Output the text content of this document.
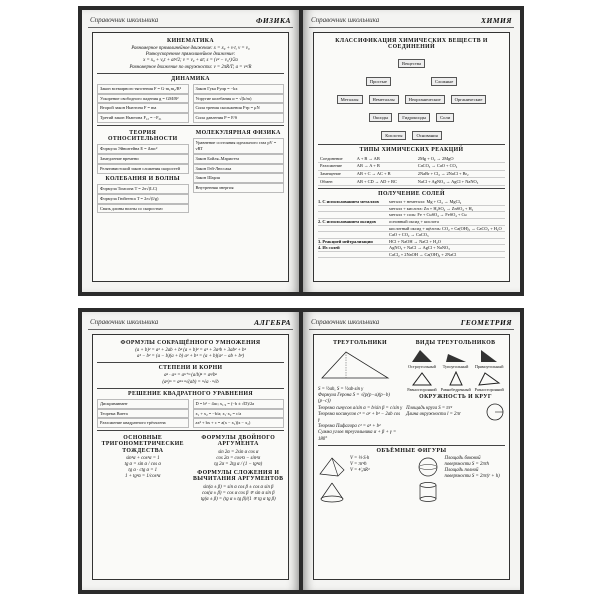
Справочник школьника	ФИЗИКА
КИНЕМАТИКА
Равномерное прямолинейное движение: x = x₀ + v·t, v = v₀
Равноускоренное прямолинейное движение:
x = x₀ + v₀t + at²/2; v = v₀ + at; s = (v² − v₀²)/2a
Равномерное движение по окружности: v = 2πR/T; a = v²/R
ДИНАМИКА
Закон всемирного тяготения F = G·m₁m₂/R²
Ускорение свободного падения g = GM/R²
Второй закон Ньютона F = ma
Третий закон Ньютона F₁₂ = −F₂₁
Закон Гука Fупр = −kx
Упругие колебания α = √(k/m)
Сила трения скольжения Fтр = μN
Сила давления P = F/S
ТЕОРИЯ ОТНОСИТЕЛЬНОСТИ
Формула Эйнштейна E = Δmc²
Замедление времени
Релятивистский закон сложения скоростей
КОЛЕБАНИЯ И ВОЛНЫ
Формула Томсона T = 2π√(LC)
Формула Гюйгенса T = 2π√(l/g)
Связь длины волны со скоростью
МОЛЕКУЛЯРНАЯ ФИЗИКА
Уравнение состояния идеального газа pV = νRT
Закон Бойля–Мариотта
Закон Гей-Люссака
Закон Шарля
Внутренняя энергия
Справочник школьника	ХИМИЯ
КЛАССИФИКАЦИЯ ХИМИЧЕСКИХ ВЕЩЕСТВ И СОЕДИНЕНИЙ
Вещества
Простые	Сложные
Металлы	Неметаллы	Неорганические	Органические
Оксиды	Гидроксиды	Соли
Кислоты	Основания
ТИПЫ ХИМИЧЕСКИХ РЕАКЦИЙ
Соединение	A + B → AB	2Mg + O₂ → 2MgO
Разложение	AB → A + B	CaCO₃ → CaO + CO₂
Замещение	AB + C → AC + B	2NaBr + Cl₂ → 2NaCl + Br₂
Обмен	AB + CD → AD + BC	NaCl + AgNO₃ → AgCl + NaNO₃
ПОЛУЧЕНИЕ СОЛЕЙ
1. С использованием металлов	металл + неметалл: Mg + Cl₂ → MgCl₂
металл + кислота: Zn + H₂SO₄ → ZnSO₄ + H₂
металл + соль: Fe + CuSO₄ → FeSO₄ + Cu
2. С использованием оксидов	основный оксид + кислота
кислотный оксид + щёлочь: CO₂ + Ca(OH)₂ → CaCO₃ + H₂O
CaO + CO₂ → CaCO₃
3. Реакцией нейтрализации	HCl + NaOH → NaCl + H₂O
4. Из солей	AgNO₃ + NaCl → AgCl + NaNO₃
CaCl₂ + 2NaOH → Ca(OH)₂ + 2NaCl
Справочник школьника	АЛГЕБРА
ФОРМУЛЫ СОКРАЩЁННОГО УМНОЖЕНИЯ
(a + b)² = a² + 2ab + b² (a + b)³ = a³ + 3a²b + 3ab² + b³
a² − b² = (a − b)(a + b) a³ + b³ = (a + b)(a² − ab + b²)
СТЕПЕНИ И КОРНИ
aⁿ · aᵐ = aⁿ⁺ᵐ (a/b)ⁿ = aⁿ/bⁿ
(aⁿ)ᵐ = aⁿᵐ ⁿ√(ab) = ⁿ√a · ⁿ√b
РЕШЕНИЕ КВАДРАТНОГО УРАВНЕНИЯ
Дискриминант	D = b² − 4ac; x₁,₂ = (−b ± √D)/2a
Теорема Виета	x₁ + x₂ = −b/a; x₁·x₂ = c/a
Разложение квадратного трёхчлена	ax² + bx + c = a(x − x₁)(x − x₂)
ОСНОВНЫЕ ТРИГОНОМЕТРИЧЕСКИЕ ТОЖДЕСТВА
sin²α + cos²α = 1
tg α = sin α / cos α
tg α · ctg α = 1
1 + tg²α = 1/cos²α
ФОРМУЛЫ ДВОЙНОГО АРГУМЕНТА
sin 2α = 2sin α cos α
cos 2α = cos²α − sin²α
tg 2α = 2tg α / (1 − tg²α)
ФОРМУЛЫ СЛОЖЕНИЯ И ВЫЧИТАНИЯ АРГУМЕНТОВ
sin(α ± β) = sin α cos β ± cos α sin β
cos(α ± β) = cos α cos β ∓ sin α sin β
tg(α ± β) = (tg α ± tg β)/(1 ∓ tg α tg β)
Справочник школьника	ГЕОМЕТРИЯ
ТРЕУГОЛЬНИКИ
S = ½ah, S = ½ab·sin γ
Формула Герона S = √(p(p−a)(p−b)(p−c))
Теорема синусов a/sin α = b/sin β = c/sin γ
Теорема косинусов c² = a² + b² − 2ab cos γ
Теорема Пифагора c² = a² + b²
Сумма углов треугольника α + β + γ = 180°
ВИДЫ ТРЕУГОЛЬНИКОВ
Остроугольный	Тупоугольный	Прямоугольный
Равносторонний Равнобедренный Разносторонний
ОКРУЖНОСТЬ И КРУГ
Площадь круга S = πr²
Длина окружности l = 2πr
ОБЪЁМНЫЕ ФИГУРЫ
V = ⅓·S·h
V = πr²h
V = ⁴⁄₃πR³
Площадь боковой поверхности S = 2πrh
Площадь полной поверхности S = 2πr(r + h)
